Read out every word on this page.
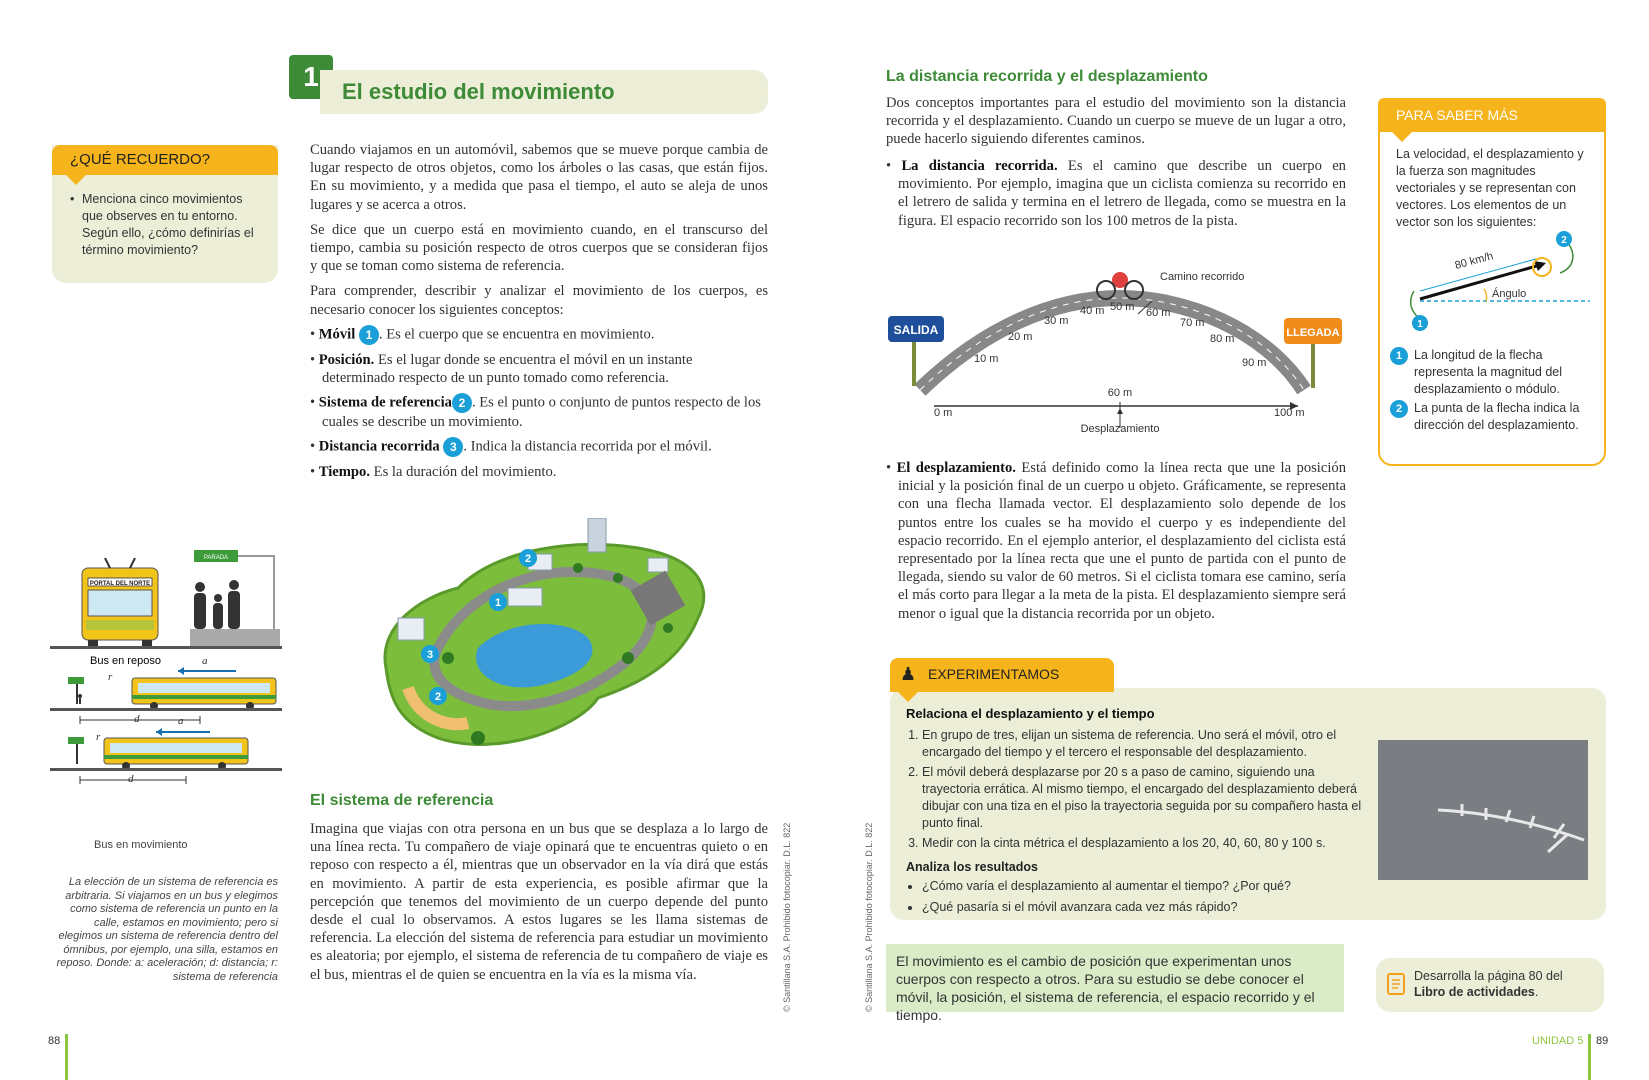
1	El estudio del movimiento
¿QUÉ RECUERDO?
• Menciona cinco movimientos que observes en tu entorno. Según ello, ¿cómo definirías el término movimiento?

Cuando viajamos en un automóvil, sabemos que se mueve porque cambia de lugar respecto de otros objetos, como los árboles o las casas, que están fijos. En su movimiento, y a medida que pasa el tiempo, el auto se aleja de unos lugares y se acerca a otros.

Se dice que un cuerpo está en movimiento cuando, en el transcurso del tiempo, cambia su posición respecto de otros cuerpos que se consideran fijos y que se toman como sistema de referencia.

Para comprender, describir y analizar el movimiento de los cuerpos, es necesario conocer los siguientes conceptos:

• Móvil 1 . Es el cuerpo que se encuentra en movimiento.
• Posición. Es el lugar donde se encuentra el móvil en un instante determinado respecto de un punto tomado como referencia.
• Sistema de referencia 2 . Es el punto o conjunto de puntos respecto de los cuales se describe un movimiento.
• Distancia recorrida 3 . Indica la distancia recorrida por el móvil.
• Tiempo. Es la duración del movimiento.
PORTAL DEL NORTE
PARADA
Bus en reposo
r
a
d
r
a
d
Bus en movimiento
La elección de un sistema de referencia es arbitraria. Si viajamos en un bus y elegimos como sistema de referencia un punto en la calle, estamos en movimiento; pero si elegimos un sistema de referencia dentro del ómnibus, por ejemplo, una silla, estamos en reposo. Donde: a: aceleración; d: distancia; r: sistema de referencia
1
2
2
3
El sistema de referencia

Imagina que viajas con otra persona en un bus que se desplaza a lo largo de una línea recta. Tu compañero de viaje opinará que te encuentras quieto o en reposo con respecto a él, mientras que un observador en la vía dirá que estás en movimiento. A partir de esta experiencia, es posible afirmar que la percepción que tenemos del movimiento de un cuerpo depende del punto desde el cual lo observamos. A estos lugares se les llama sistemas de referencia. La elección del sistema de referencia para estudiar un movimiento es aleatoria; por ejemplo, el sistema de referencia de tu compañero de viaje es el bus, mientras el de quien se encuentra en la vía es la misma vía.	© Santillana S.A. Prohibido fotocopiar. D.L. 822
88
© Santillana S.A. Prohibido fotocopiar. D.L. 822
La distancia recorrida y el desplazamiento

Dos conceptos importantes para el estudio del movimiento son la distancia recorrida y el desplazamiento. Cuando un cuerpo se mueve de un lugar a otro, puede hacerlo siguiendo diferentes caminos.

• La distancia recorrida. Es el camino que describe un cuerpo en movimiento. Por ejemplo, imagina que un ciclista comienza su recorrido en el letrero de salida y termina en el letrero de llegada, como se muestra en la figura. El espacio recorrido son los 100 metros de la pista.

SALIDA	LLEGADA
Camino recorrido
Desplazamiento
0 m
60 m
100 m
10 m
20 m
30 m
40 m 50 m 60 m
70 m
80 m
90 m

• El desplazamiento. Está definido como la línea recta que une la posición inicial y la posición final de un cuerpo u objeto. Gráficamente, se representa con una flecha llamada vector. El desplazamiento solo depende de los puntos entre los cuales se ha movido el cuerpo y es independiente del espacio recorrido. En el ejemplo anterior, el desplazamiento del ciclista está representado por la línea recta que une el punto de partida con el punto de llegada, siendo su valor de 60 metros. Si el ciclista tomara ese camino, sería el más corto para llegar a la meta de la pista. El desplazamiento siempre será menor o igual que la distancia recorrida por un objeto.

PARA SABER MÁS

La velocidad, el desplazamiento y la fuerza son magnitudes vectoriales y se representan con vectores. Los elementos de un vector son los siguientes:

80 km/h
Ángulo
1
2
1 La longitud de la flecha representa la magnitud del desplazamiento o módulo.
2 La punta de la flecha indica la dirección del desplazamiento.
♟ EXPERIMENTAMOS
Relaciona el desplazamiento y el tiempo
1. En grupo de tres, elijan un sistema de referencia. Uno será el móvil, otro el encargado del tiempo y el tercero el responsable del desplazamiento.
2. El móvil deberá desplazarse por 20 s a paso de camino, siguiendo una trayectoria errática. Al mismo tiempo, el encargado del desplazamiento deberá dibujar con una tiza en el piso la trayectoria seguida por su compañero hasta el punto final.
3. Medir con la cinta métrica el desplazamiento a los 20, 40, 60, 80 y 100 s.
Analiza los resultados
• ¿Cómo varía el desplazamiento al aumentar el tiempo? ¿Por qué?
• ¿Qué pasaría si el móvil avanzara cada vez más rápido?
El movimiento es el cambio de posición que experimentan unos cuerpos con respecto a otros. Para su estudio se debe conocer el móvil, la posición, el sistema de referencia, el espacio recorrido y el tiempo.
Desarrolla la página 80 del Libro de actividades.
UNIDAD 5 89
